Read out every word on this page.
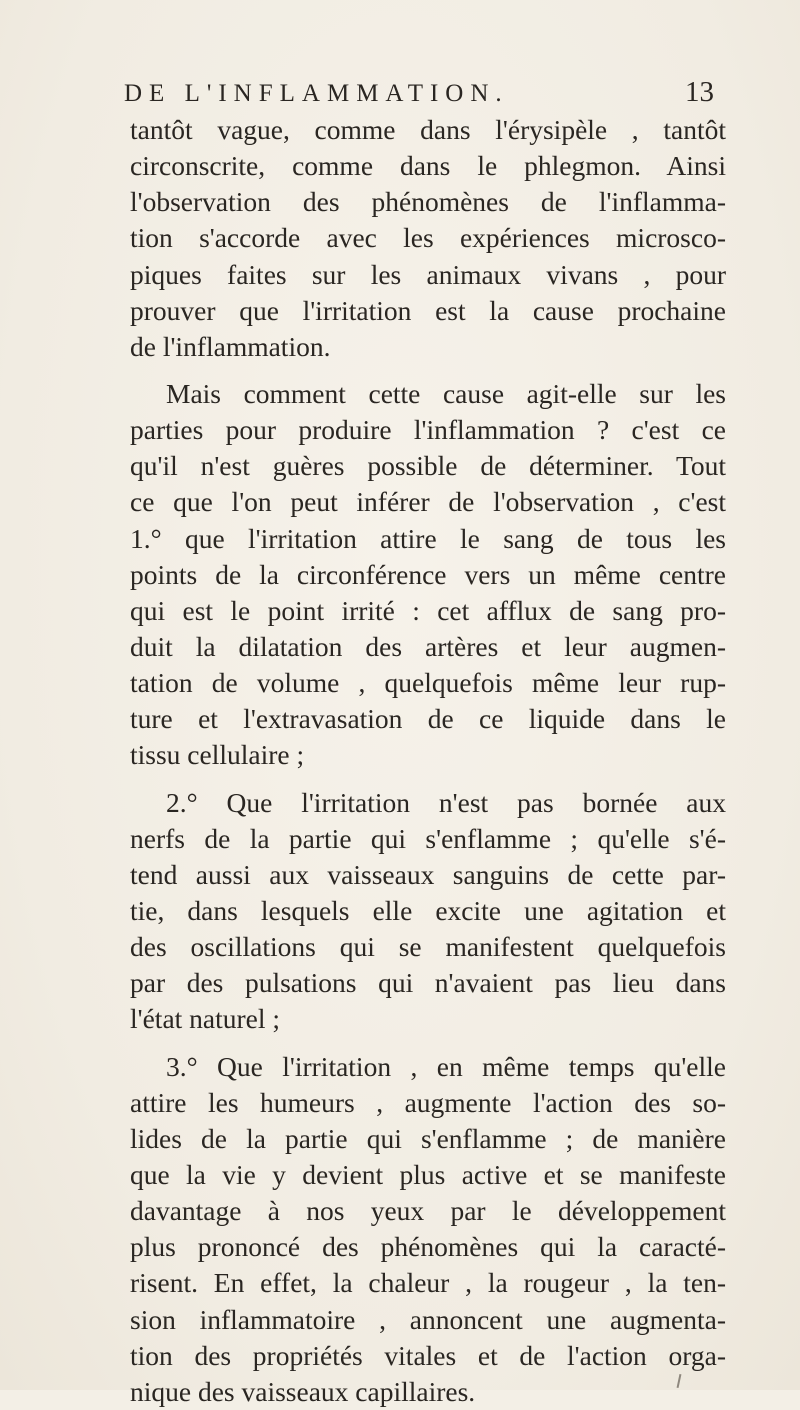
DE L'INFLAMMATION.	13
tantôt vague, comme dans l'érysipèle , tantôt
circonscrite, comme dans le phlegmon. Ainsi
l'observation des phénomènes de l'inflamma-
tion s'accorde avec les expériences microsco-
piques faites sur les animaux vivans , pour
prouver que l'irritation est la cause prochaine
de l'inflammation.
Mais comment cette cause agit-elle sur les
parties pour produire l'inflammation ? c'est ce
qu'il n'est guères possible de déterminer. Tout
ce que l'on peut inférer de l'observation , c'est
1.° que l'irritation attire le sang de tous les
points de la circonférence vers un même centre
qui est le point irrité : cet afflux de sang pro-
duit la dilatation des artères et leur augmen-
tation de volume , quelquefois même leur rup-
ture et l'extravasation de ce liquide dans le
tissu cellulaire ;
2.° Que l'irritation n'est pas bornée aux
nerfs de la partie qui s'enflamme ; qu'elle s'é-
tend aussi aux vaisseaux sanguins de cette par-
tie, dans lesquels elle excite une agitation et
des oscillations qui se manifestent quelquefois
par des pulsations qui n'avaient pas lieu dans
l'état naturel ;
3.° Que l'irritation , en même temps qu'elle
attire les humeurs , augmente l'action des so-
lides de la partie qui s'enflamme ; de manière
que la vie y devient plus active et se manifeste
davantage à nos yeux par le développement
plus prononcé des phénomènes qui la caracté-
risent. En effet, la chaleur , la rougeur , la ten-
sion inflammatoire , annoncent une augmenta-
tion des propriétés vitales et de l'action orga-
nique des vaisseaux capillaires.
